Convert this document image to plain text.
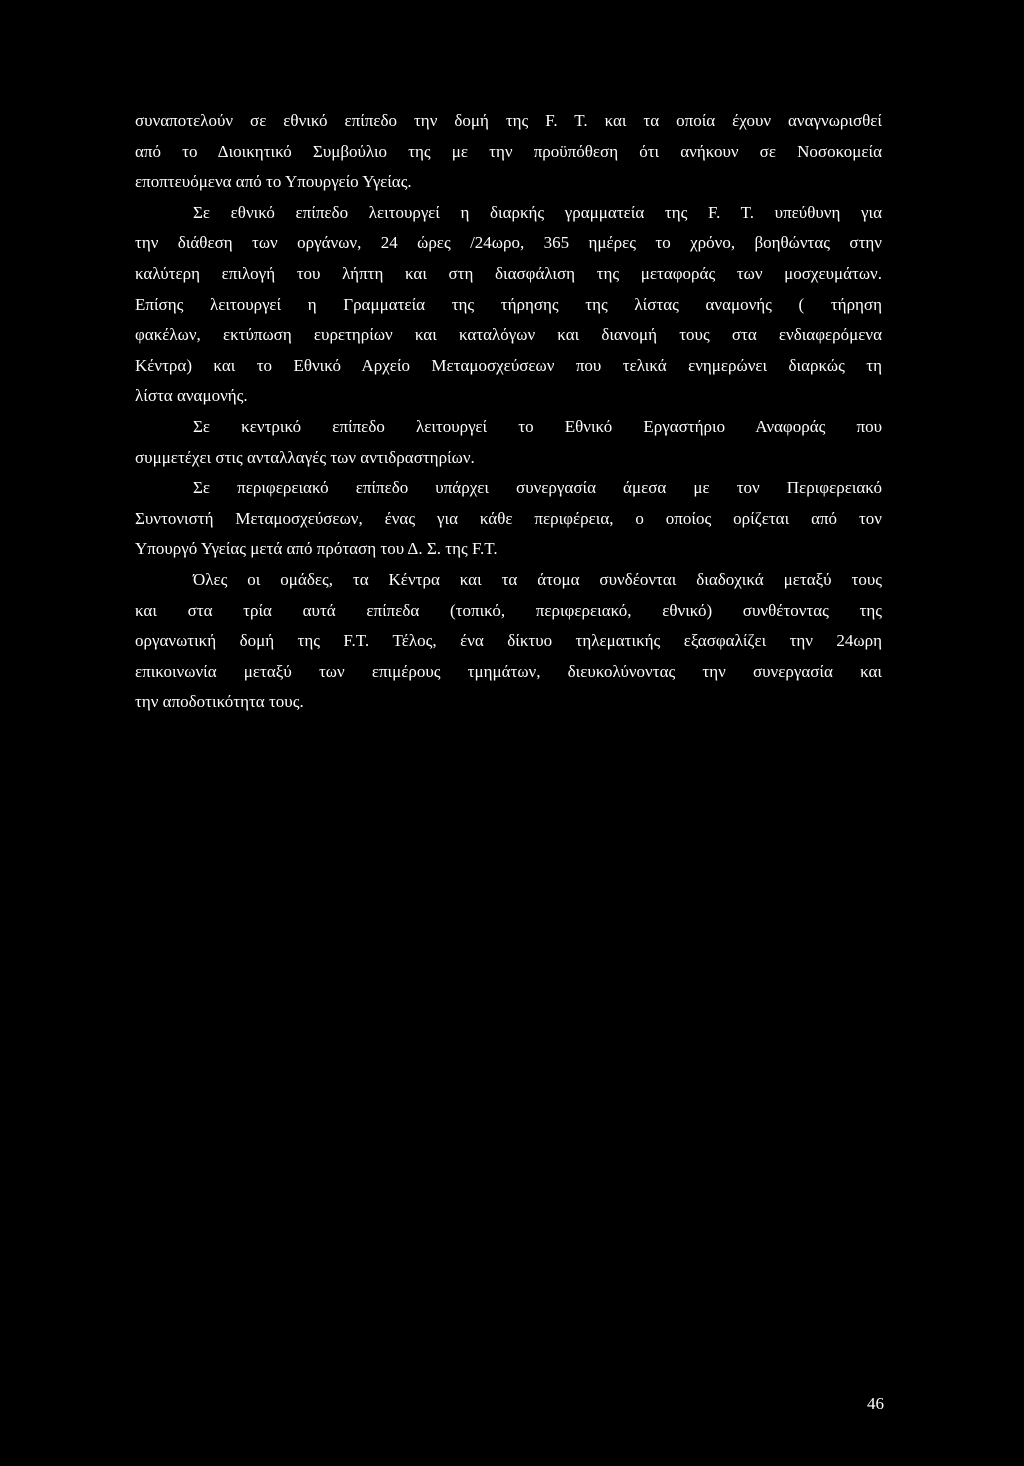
συναποτελούν σε εθνικό επίπεδο την δομή της F. T. και τα οποία έχουν αναγνωρισθεί
από το Διοικητικό Συμβούλιο της με την προϋπόθεση ότι ανήκουν σε Νοσοκομεία
εποπτευόμενα από το Υπουργείο Υγείας.
Σε εθνικό επίπεδο λειτουργεί η διαρκής γραμματεία της F. T. υπεύθυνη για
την διάθεση των οργάνων, 24 ώρες /24ωρο, 365 ημέρες το χρόνο, βοηθώντας στην
καλύτερη επιλογή του λήπτη και στη διασφάλιση της μεταφοράς των μοσχευμάτων.
Επίσης λειτουργεί η Γραμματεία της τήρησης της λίστας αναμονής ( τήρηση
φακέλων, εκτύπωση ευρετηρίων και καταλόγων και διανομή τους στα ενδιαφερόμενα
Κέντρα) και το Εθνικό Αρχείο Μεταμοσχεύσεων που τελικά ενημερώνει διαρκώς τη
λίστα αναμονής.
Σε κεντρικό επίπεδο λειτουργεί το Εθνικό Εργαστήριο Αναφοράς που
συμμετέχει στις ανταλλαγές των αντιδραστηρίων.
Σε περιφερειακό επίπεδο υπάρχει συνεργασία άμεσα με τον Περιφερειακό
Συντονιστή Μεταμοσχεύσεων, ένας για κάθε περιφέρεια, ο οποίος ορίζεται από τον
Υπουργό Υγείας μετά από πρόταση του Δ. Σ. της F.T.
Όλες οι ομάδες, τα Κέντρα και τα άτομα συνδέονται διαδοχικά μεταξύ τους
και στα τρία αυτά επίπεδα (τοπικό, περιφερειακό, εθνικό) συνθέτοντας της
οργανωτική δομή της F.T. Τέλος, ένα δίκτυο τηλεματικής εξασφαλίζει την 24ωρη
επικοινωνία μεταξύ των επιμέρους τμημάτων, διευκολύνοντας την συνεργασία και
την αποδοτικότητα τους.
46
